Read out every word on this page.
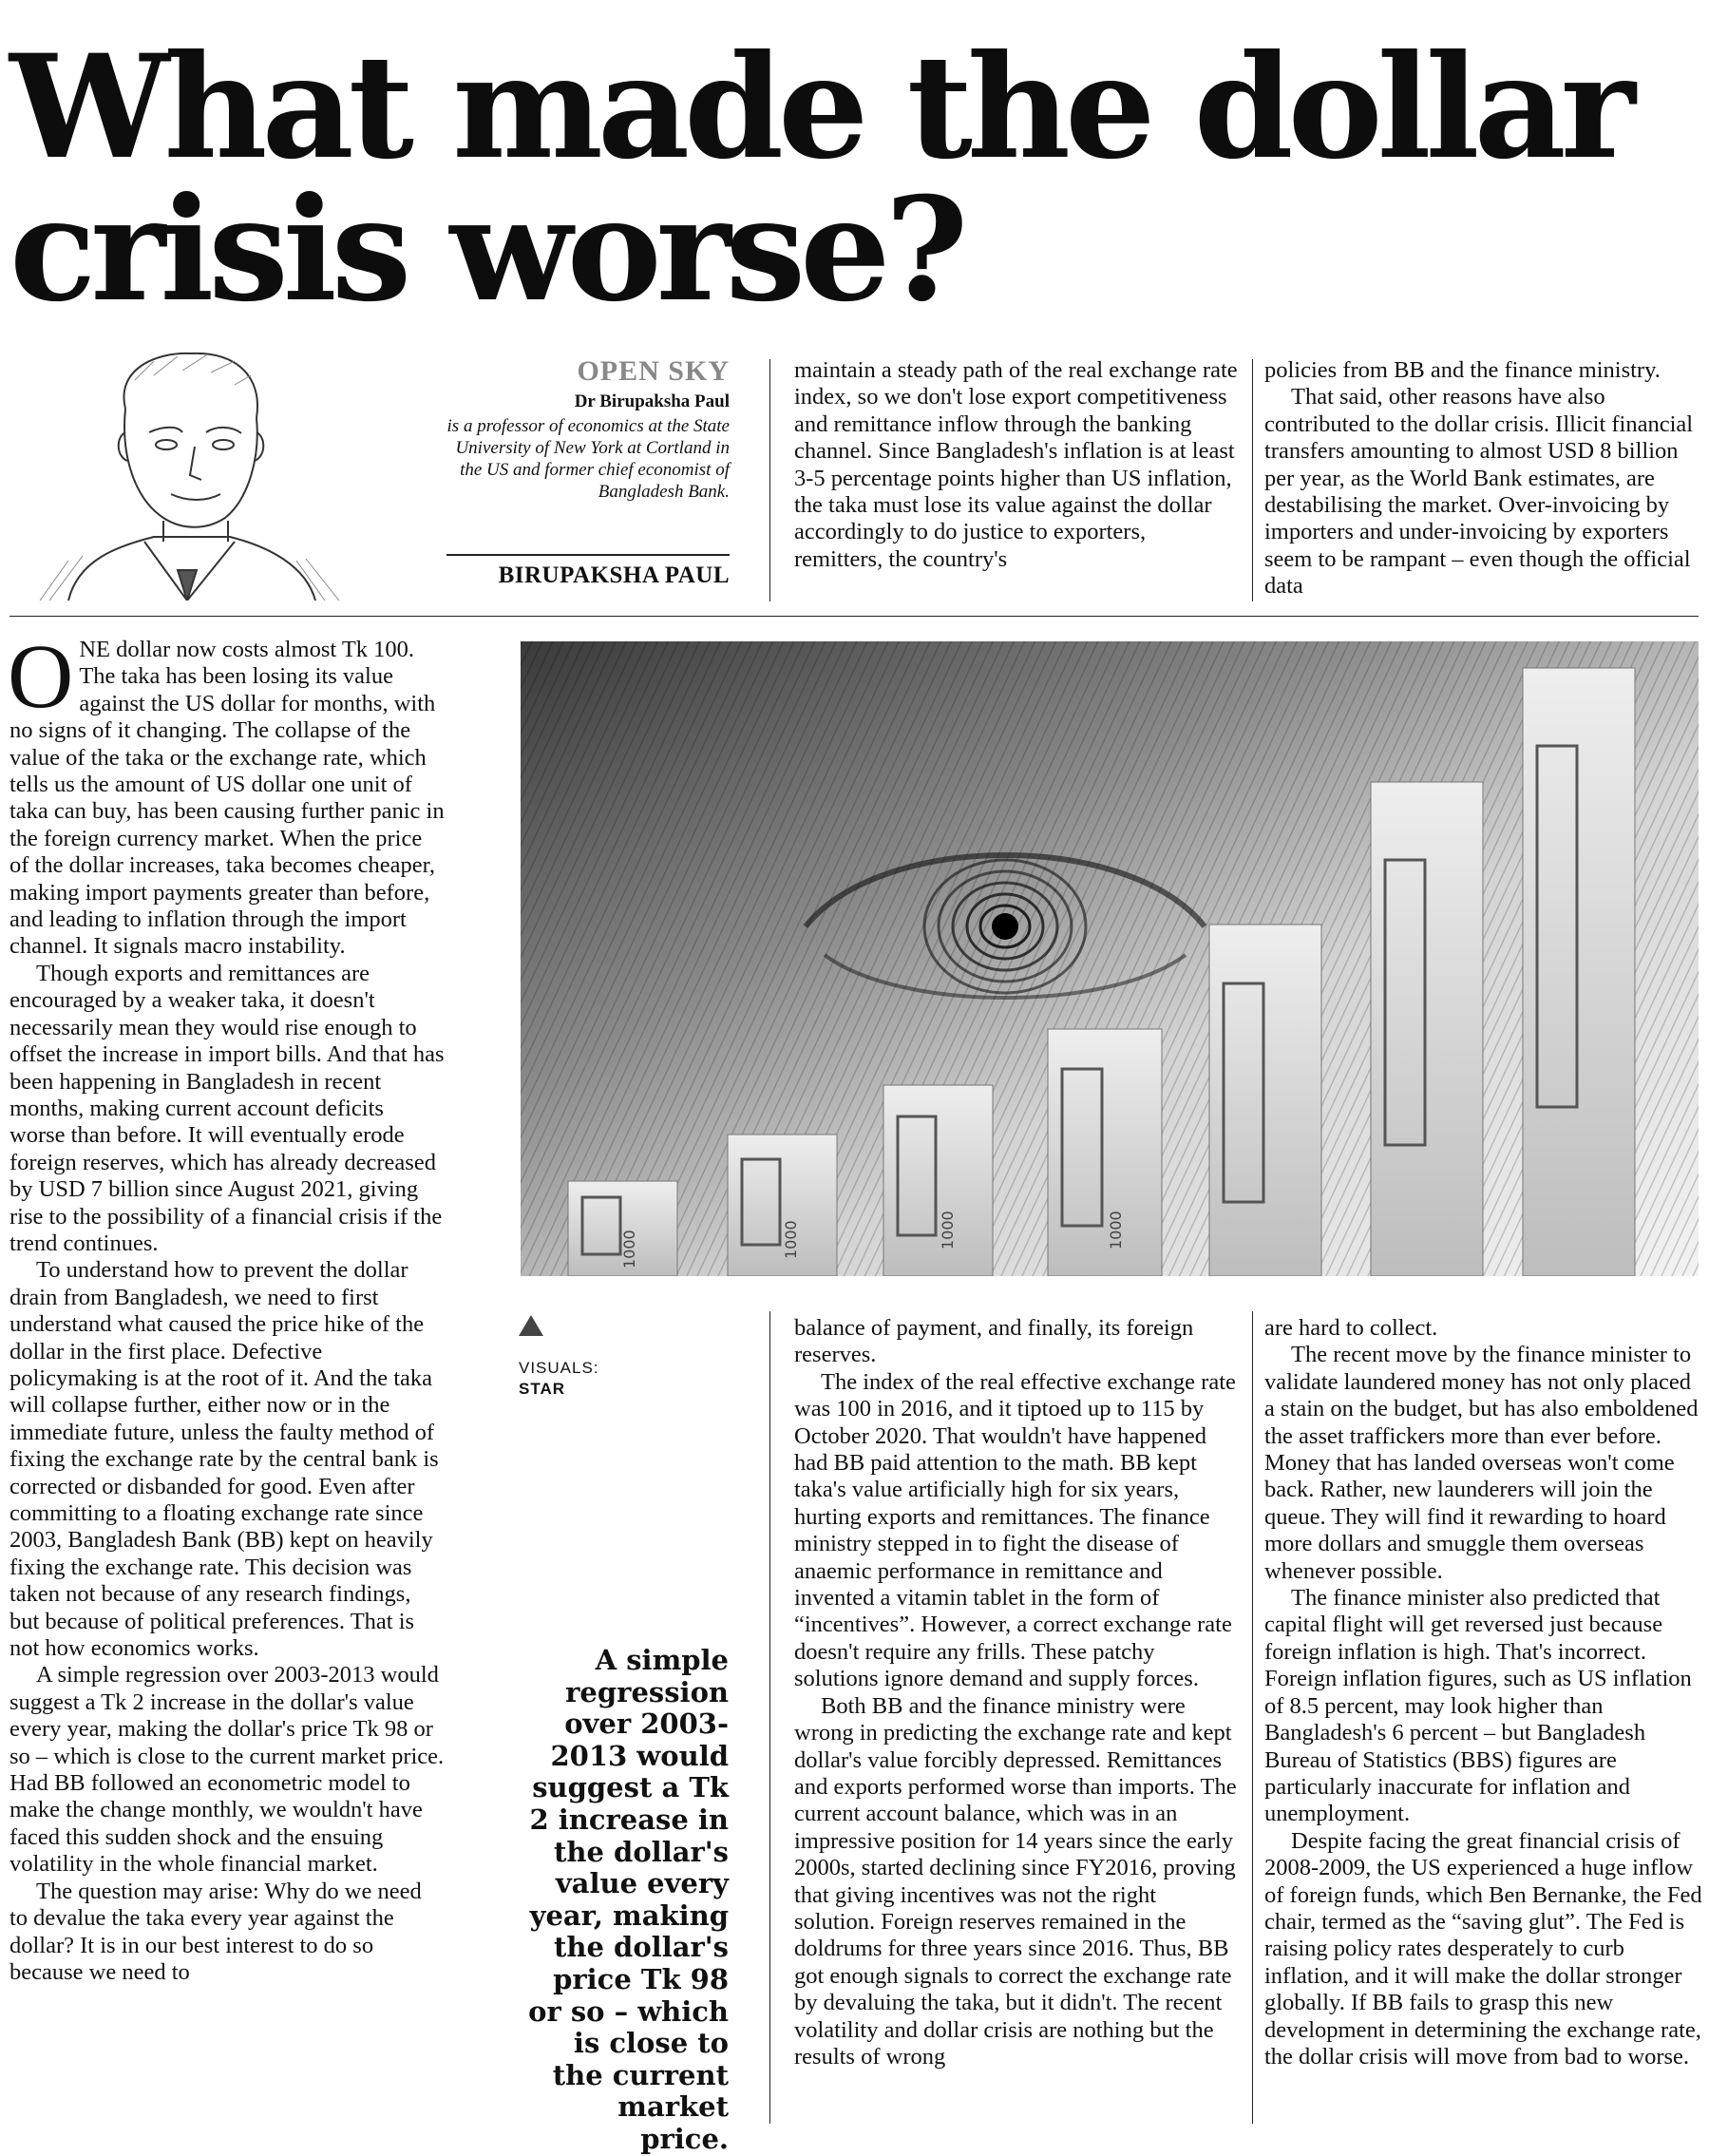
What made the dollar
crisis worse?
OPEN SKY
Dr Birupaksha Paul
is a professor of economics at the State University of New York at Cortland in the US and former chief economist of Bangladesh Bank.
BIRUPAKSHA PAUL

maintain a steady path of the real exchange rate index, so we don't lose export competitiveness and remittance inflow through the banking channel. Since Bangladesh's inflation is at least 3-5 percentage points higher than US inflation, the taka must lose its value against the dollar accordingly to do justice to exporters, remitters, the country's

policies from BB and the finance ministry.

That said, other reasons have also contributed to the dollar crisis. Illicit financial transfers amounting to almost USD 8 billion per year, as the World Bank estimates, are destabilising the market. Over-invoicing by importers and under-invoicing by exporters seem to be rampant – even though the official data

ONE dollar now costs almost Tk 100. The taka has been losing its value against the US dollar for months, with no signs of it changing. The collapse of the value of the taka or the exchange rate, which tells us the amount of US dollar one unit of taka can buy, has been causing further panic in the foreign currency market. When the price of the dollar increases, taka becomes cheaper, making import payments greater than before, and leading to inflation through the import channel. It signals macro instability.

Though exports and remittances are encouraged by a weaker taka, it doesn't necessarily mean they would rise enough to offset the increase in import bills. And that has been happening in Bangladesh in recent months, making current account deficits worse than before. It will eventually erode foreign reserves, which has already decreased by USD 7 billion since August 2021, giving rise to the possibility of a financial crisis if the trend continues.

To understand how to prevent the dollar drain from Bangladesh, we need to first understand what caused the price hike of the dollar in the first place. Defective policymaking is at the root of it. And the taka will collapse further, either now or in the immediate future, unless the faulty method of fixing the exchange rate by the central bank is corrected or disbanded for good. Even after committing to a floating exchange rate since 2003, Bangladesh Bank (BB) kept on heavily fixing the exchange rate. This decision was taken not because of any research findings, but because of political preferences. That is not how economics works.

A simple regression over 2003-2013 would suggest a Tk 2 increase in the dollar's value every year, making the dollar's price Tk 98 or so – which is close to the current market price. Had BB followed an econometric model to make the change monthly, we wouldn't have faced this sudden shock and the ensuing volatility in the whole financial market.

The question may arise: Why do we need to devalue the taka every year against the dollar? It is in our best interest to do so because we need to

1000	1000	1000	1000
VISUALS:
STAR
A simple regression over 2003-2013 would suggest a Tk 2 increase in the dollar's value every year, making the dollar's price Tk 98 or so – which is close to the current market price.

balance of payment, and finally, its foreign reserves.

The index of the real effective exchange rate was 100 in 2016, and it tiptoed up to 115 by October 2020. That wouldn't have happened had BB paid attention to the math. BB kept taka's value artificially high for six years, hurting exports and remittances. The finance ministry stepped in to fight the disease of anaemic performance in remittance and invented a vitamin tablet in the form of “incentives”. However, a correct exchange rate doesn't require any frills. These patchy solutions ignore demand and supply forces.

Both BB and the finance ministry were wrong in predicting the exchange rate and kept dollar's value forcibly depressed. Remittances and exports performed worse than imports. The current account balance, which was in an impressive position for 14 years since the early 2000s, started declining since FY2016, proving that giving incentives was not the right solution. Foreign reserves remained in the doldrums for three years since 2016. Thus, BB got enough signals to correct the exchange rate by devaluing the taka, but it didn't. The recent volatility and dollar crisis are nothing but the results of wrong

are hard to collect.

The recent move by the finance minister to validate laundered money has not only placed a stain on the budget, but has also emboldened the asset traffickers more than ever before. Money that has landed overseas won't come back. Rather, new launderers will join the queue. They will find it rewarding to hoard more dollars and smuggle them overseas whenever possible.

The finance minister also predicted that capital flight will get reversed just because foreign inflation is high. That's incorrect. Foreign inflation figures, such as US inflation of 8.5 percent, may look higher than Bangladesh's 6 percent – but Bangladesh Bureau of Statistics (BBS) figures are particularly inaccurate for inflation and unemployment.

Despite facing the great financial crisis of 2008-2009, the US experienced a huge inflow of foreign funds, which Ben Bernanke, the Fed chair, termed as the “saving glut”. The Fed is raising policy rates desperately to curb inflation, and it will make the dollar stronger globally. If BB fails to grasp this new development in determining the exchange rate, the dollar crisis will move from bad to worse.
